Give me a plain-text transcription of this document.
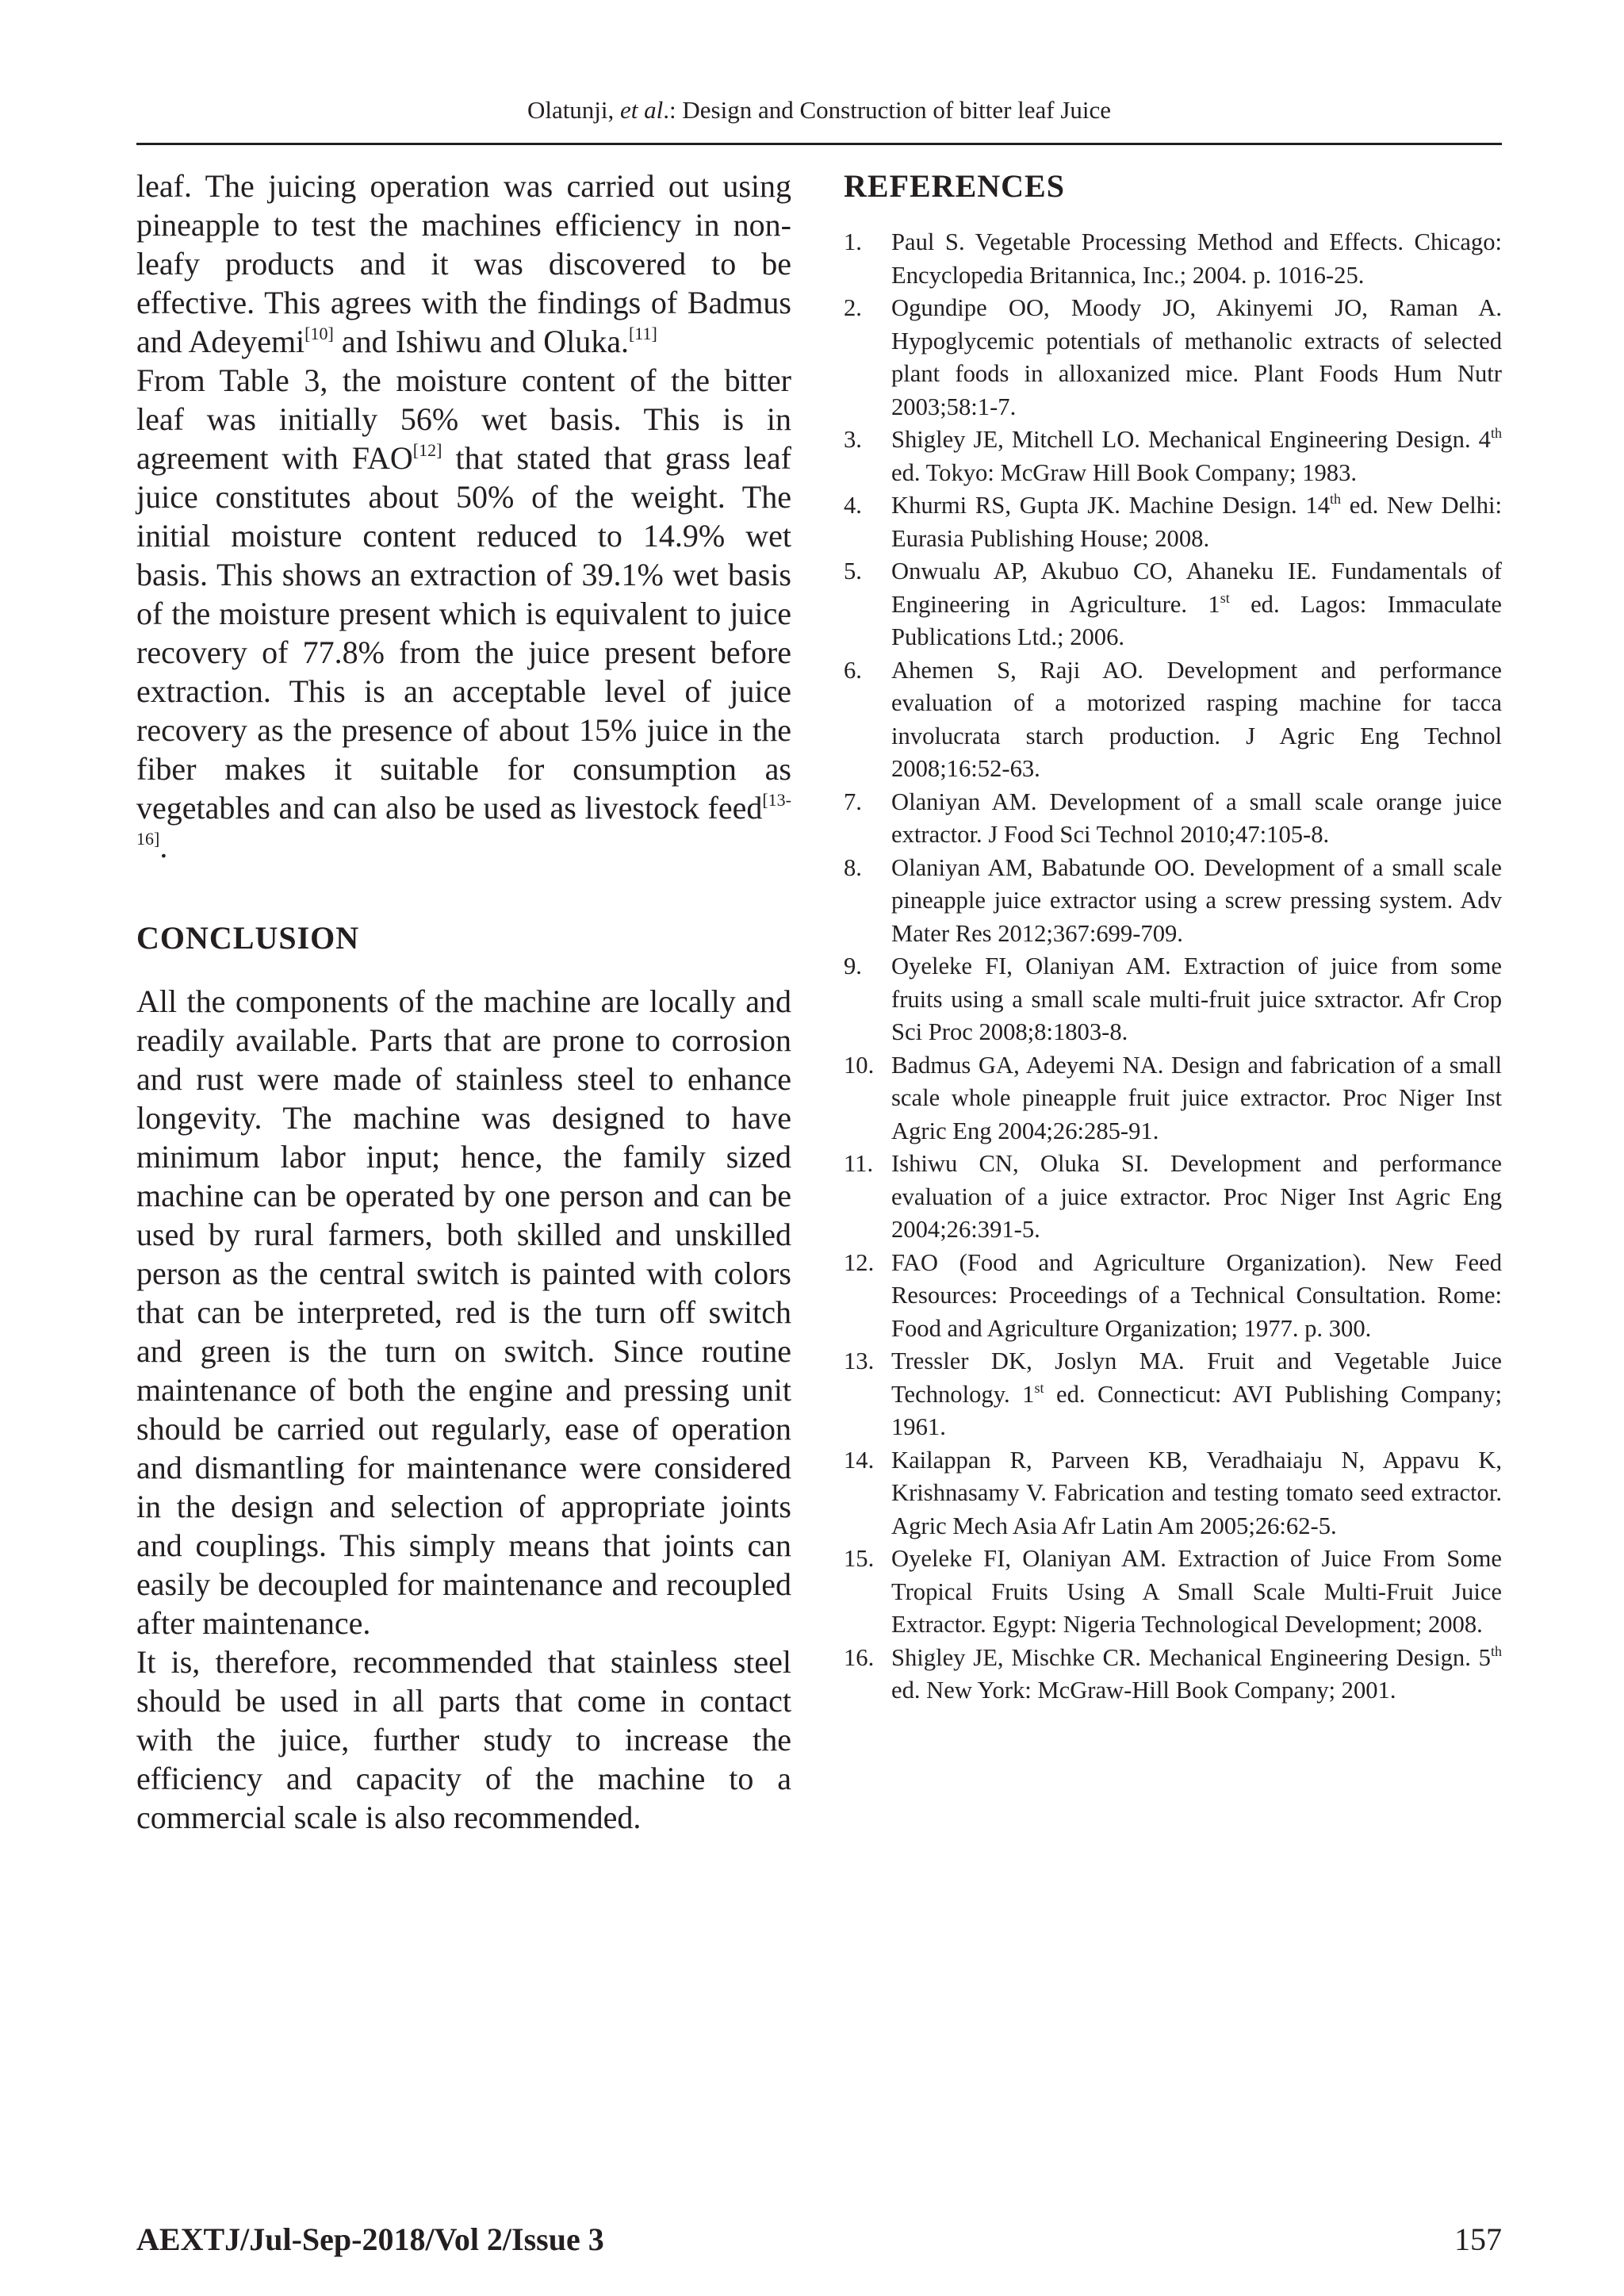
Olatunji, et al.: Design and Construction of bitter leaf Juice

leaf. The juicing operation was carried out using pineapple to test the machines efficiency in non-leafy products and it was discovered to be effective. This agrees with the findings of Badmus and Adeyemi[10] and Ishiwu and Oluka.[11]

From Table 3, the moisture content of the bitter leaf was initially 56% wet basis. This is in agreement with FAO[12] that stated that grass leaf juice constitutes about 50% of the weight. The initial moisture content reduced to 14.9% wet basis. This shows an extraction of 39.1% wet basis of the moisture present which is equivalent to juice recovery of 77.8% from the juice present before extraction. This is an acceptable level of juice recovery as the presence of about 15% juice in the fiber makes it suitable for consumption as vegetables and can also be used as livestock feed[13-16].

CONCLUSION

All the components of the machine are locally and readily available. Parts that are prone to corrosion and rust were made of stainless steel to enhance longevity. The machine was designed to have minimum labor input; hence, the family sized machine can be operated by one person and can be used by rural farmers, both skilled and unskilled person as the central switch is painted with colors that can be interpreted, red is the turn off switch and green is the turn on switch. Since routine maintenance of both the engine and pressing unit should be carried out regularly, ease of operation and dismantling for maintenance were considered in the design and selection of appropriate joints and couplings. This simply means that joints can easily be decoupled for maintenance and recoupled after maintenance.

It is, therefore, recommended that stainless steel should be used in all parts that come in contact with the juice, further study to increase the efficiency and capacity of the machine to a commercial scale is also recommended.

REFERENCES
1.	Paul S. Vegetable Processing Method and Effects. Chicago: Encyclopedia Britannica, Inc.; 2004. p. 1016-25.
2.	Ogundipe OO, Moody JO, Akinyemi JO, Raman A. Hypoglycemic potentials of methanolic extracts of selected plant foods in alloxanized mice. Plant Foods Hum Nutr 2003;58:1-7.
3.	Shigley JE, Mitchell LO. Mechanical Engineering Design. 4th ed. Tokyo: McGraw Hill Book Company; 1983.
4.	Khurmi RS, Gupta JK. Machine Design. 14th ed. New Delhi: Eurasia Publishing House; 2008.
5.	Onwualu AP, Akubuo CO, Ahaneku IE. Fundamentals of Engineering in Agriculture. 1st ed. Lagos: Immaculate Publications Ltd.; 2006.
6.	Ahemen S, Raji AO. Development and performance evaluation of a motorized rasping machine for tacca involucrata starch production. J Agric Eng Technol 2008;16:52-63.
7.	Olaniyan AM. Development of a small scale orange juice extractor. J Food Sci Technol 2010;47:105-8.
8.	Olaniyan AM, Babatunde OO. Development of a small scale pineapple juice extractor using a screw pressing system. Adv Mater Res 2012;367:699-709.
9.	Oyeleke FI, Olaniyan AM. Extraction of juice from some fruits using a small scale multi-fruit juice sxtractor. Afr Crop Sci Proc 2008;8:1803-8.
10. Badmus GA, Adeyemi NA. Design and fabrication of a small scale whole pineapple fruit juice extractor. Proc Niger Inst Agric Eng 2004;26:285-91.
11. Ishiwu CN, Oluka SI. Development and performance evaluation of a juice extractor. Proc Niger Inst Agric Eng 2004;26:391-5.
12. FAO (Food and Agriculture Organization). New Feed Resources: Proceedings of a Technical Consultation. Rome: Food and Agriculture Organization; 1977. p. 300.
13. Tressler DK, Joslyn MA. Fruit and Vegetable Juice Technology. 1st ed. Connecticut: AVI Publishing Company; 1961.
14. Kailappan R, Parveen KB, Veradhaiaju N, Appavu K, Krishnasamy V. Fabrication and testing tomato seed extractor. Agric Mech Asia Afr Latin Am 2005;26:62-5.
15. Oyeleke FI, Olaniyan AM. Extraction of Juice From Some Tropical Fruits Using A Small Scale Multi-Fruit Juice Extractor. Egypt: Nigeria Technological Development; 2008.
16. Shigley JE, Mischke CR. Mechanical Engineering Design. 5th ed. New York: McGraw-Hill Book Company; 2001.
AEXTJ/Jul-Sep-2018/Vol 2/Issue 3	157
